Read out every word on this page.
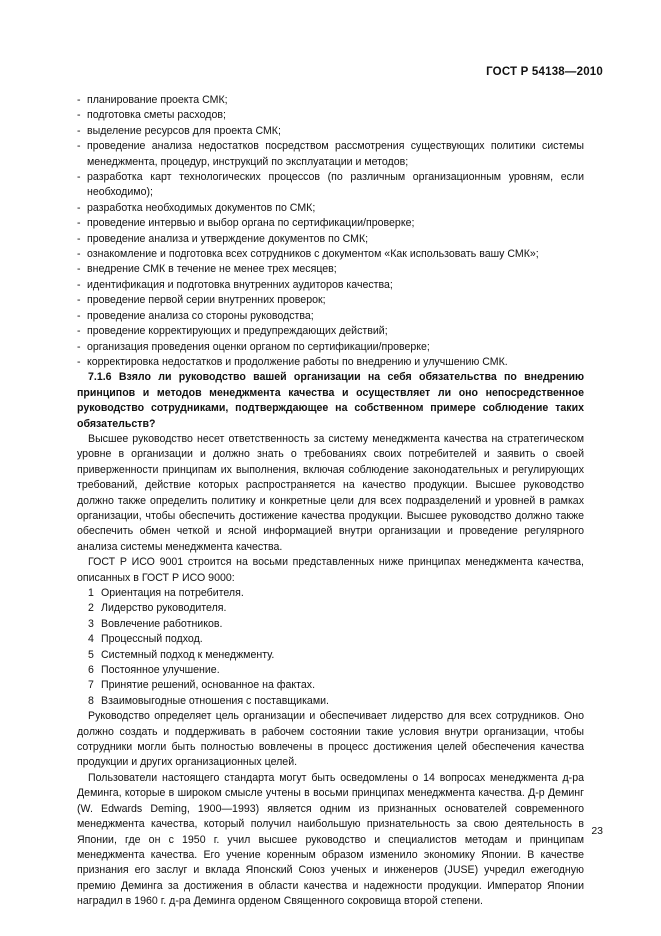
ГОСТ Р 54138—2010

- планирование проекта СМК;

- подготовка сметы расходов;

- выделение ресурсов для проекта СМК;

- проведение анализа недостатков посредством рассмотрения существующих политики системы менеджмента, процедур, инструкций по эксплуатации и методов;

- разработка карт технологических процессов (по различным организационным уровням, если необходимо);

- разработка необходимых документов по СМК;

- проведение интервью и выбор органа по сертификации/проверке;

- проведение анализа и утверждение документов по СМК;

- ознакомление и подготовка всех сотрудников с документом «Как использовать вашу СМК»;

- внедрение СМК в течение не менее трех месяцев;

- идентификация и подготовка внутренних аудиторов качества;

- проведение первой серии внутренних проверок;

- проведение анализа со стороны руководства;

- проведение корректирующих и предупреждающих действий;

- организация проведения оценки органом по сертификации/проверке;

- корректировка недостатков и продолжение работы по внедрению и улучшению СМК.

7.1.6 Взяло ли руководство вашей организации на себя обязательства по внедрению принципов и методов менеджмента качества и осуществляет ли оно непосредственное руководство сотрудниками, подтверждающее на собственном примере соблюдение таких обязательств?

Высшее руководство несет ответственность за систему менеджмента качества на стратегическом уровне в организации и должно знать о требованиях своих потребителей и заявить о своей приверженности принципам их выполнения, включая соблюдение законодательных и регулирующих требований, действие которых распространяется на качество продукции. Высшее руководство должно также определить политику и конкретные цели для всех подразделений и уровней в рамках организации, чтобы обеспечить достижение качества продукции. Высшее руководство должно также обеспечить обмен четкой и ясной информацией внутри организации и проведение регулярного анализа системы менеджмента качества.

ГОСТ Р ИСО 9001 строится на восьми представленных ниже принципах менеджмента качества, описанных в ГОСТ Р ИСО 9000:

1 Ориентация на потребителя.

2 Лидерство руководителя.

3 Вовлечение работников.

4 Процессный подход.

5 Системный подход к менеджменту.

6 Постоянное улучшение.

7 Принятие решений, основанное на фактах.

8 Взаимовыгодные отношения с поставщиками.

Руководство определяет цель организации и обеспечивает лидерство для всех сотрудников. Оно должно создать и поддерживать в рабочем состоянии такие условия внутри организации, чтобы сотрудники могли быть полностью вовлечены в процесс достижения целей обеспечения качества продукции и других организационных целей.

Пользователи настоящего стандарта могут быть осведомлены о 14 вопросах менеджмента д-ра Деминга, которые в широком смысле учтены в восьми принципах менеджмента качества. Д-р Деминг (W. Edwards Deming, 1900—1993) является одним из признанных основателей современного менеджмента качества, который получил наибольшую признательность за свою деятельность в Японии, где он с 1950 г. учил высшее руководство и специалистов методам и принципам менеджмента качества. Его учение коренным образом изменило экономику Японии. В качестве признания его заслуг и вклада Японский Союз ученых и инженеров (JUSE) учредил ежегодную премию Деминга за достижения в области качества и надежности продукции. Император Японии наградил в 1960 г. д-ра Деминга орденом Священного сокровища второй степени.

23
